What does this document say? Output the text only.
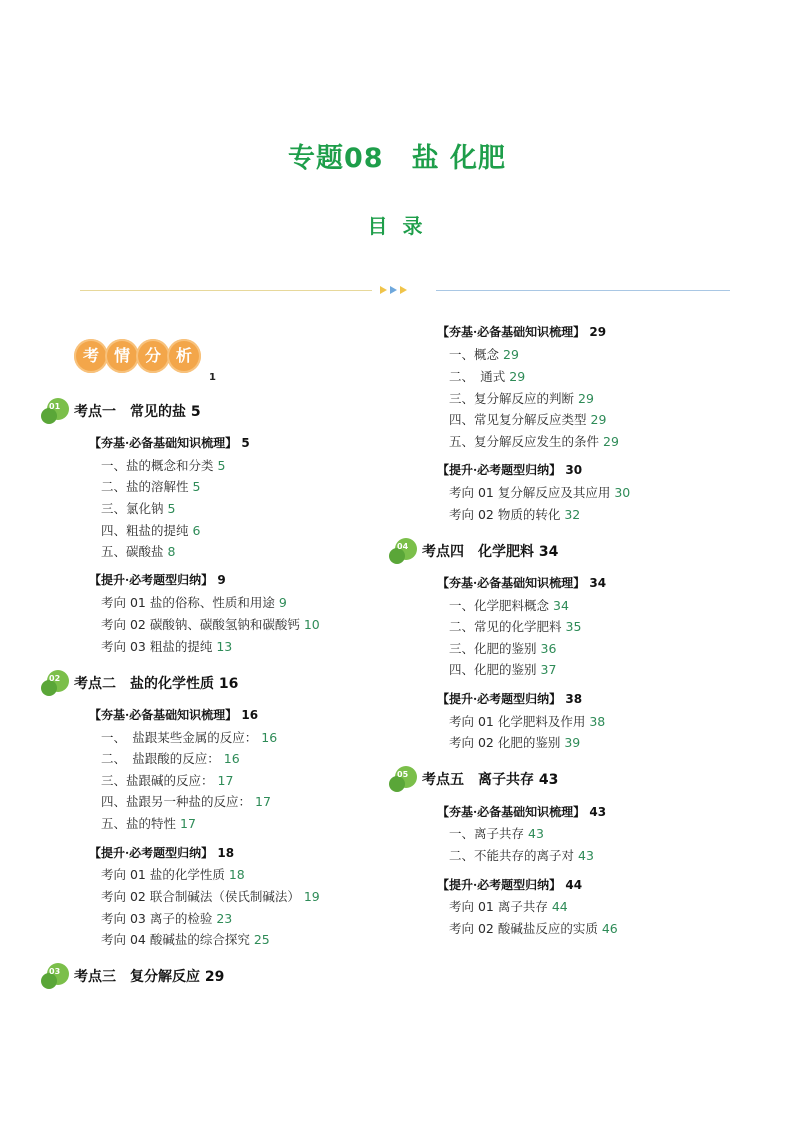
专题08　盐 化肥
目 录
考 情 分 析
1
01 考点一　常见的盐 5
【夯基·必备基础知识梳理】 5
一、盐的概念和分类 5
二、盐的溶解性 5
三、氯化钠 5
四、粗盐的提纯 6
五、碳酸盐 8
【提升·必考题型归纳】 9
考向 01 盐的俗称、性质和用途 9
考向 02 碳酸钠、碳酸氢钠和碳酸钙 10
考向 03 粗盐的提纯 13
02 考点二　盐的化学性质 16
【夯基·必备基础知识梳理】 16
一、　盐跟某些金属的反应： 16
二、　盐跟酸的反应： 16
三、盐跟碱的反应： 17
四、盐跟另一种盐的反应： 17
五、盐的特性 17
【提升·必考题型归纳】 18
考向 01 盐的化学性质 18
考向 02 联合制碱法（侯氏制碱法） 19
考向 03 离子的检验 23
考向 04 酸碱盐的综合探究 25
03 考点三　复分解反应 29
【夯基·必备基础知识梳理】 29
一、概念 29
二、　通式 29
三、复分解反应的判断 29
四、常见复分解反应类型 29
五、复分解反应发生的条件 29
【提升·必考题型归纳】 30
考向 01 复分解反应及其应用 30
考向 02 物质的转化 32
04 考点四　化学肥料 34
【夯基·必备基础知识梳理】 34
一、化学肥料概念 34
二、常见的化学肥料 35
三、化肥的鉴别 36
四、化肥的鉴别 37
【提升·必考题型归纳】 38
考向 01 化学肥料及作用 38
考向 02 化肥的鉴别 39
05 考点五　离子共存 43
【夯基·必备基础知识梳理】 43
一、离子共存 43
二、不能共存的离子对 43
【提升·必考题型归纳】 44
考向 01 离子共存 44
考向 02 酸碱盐反应的实质 46
